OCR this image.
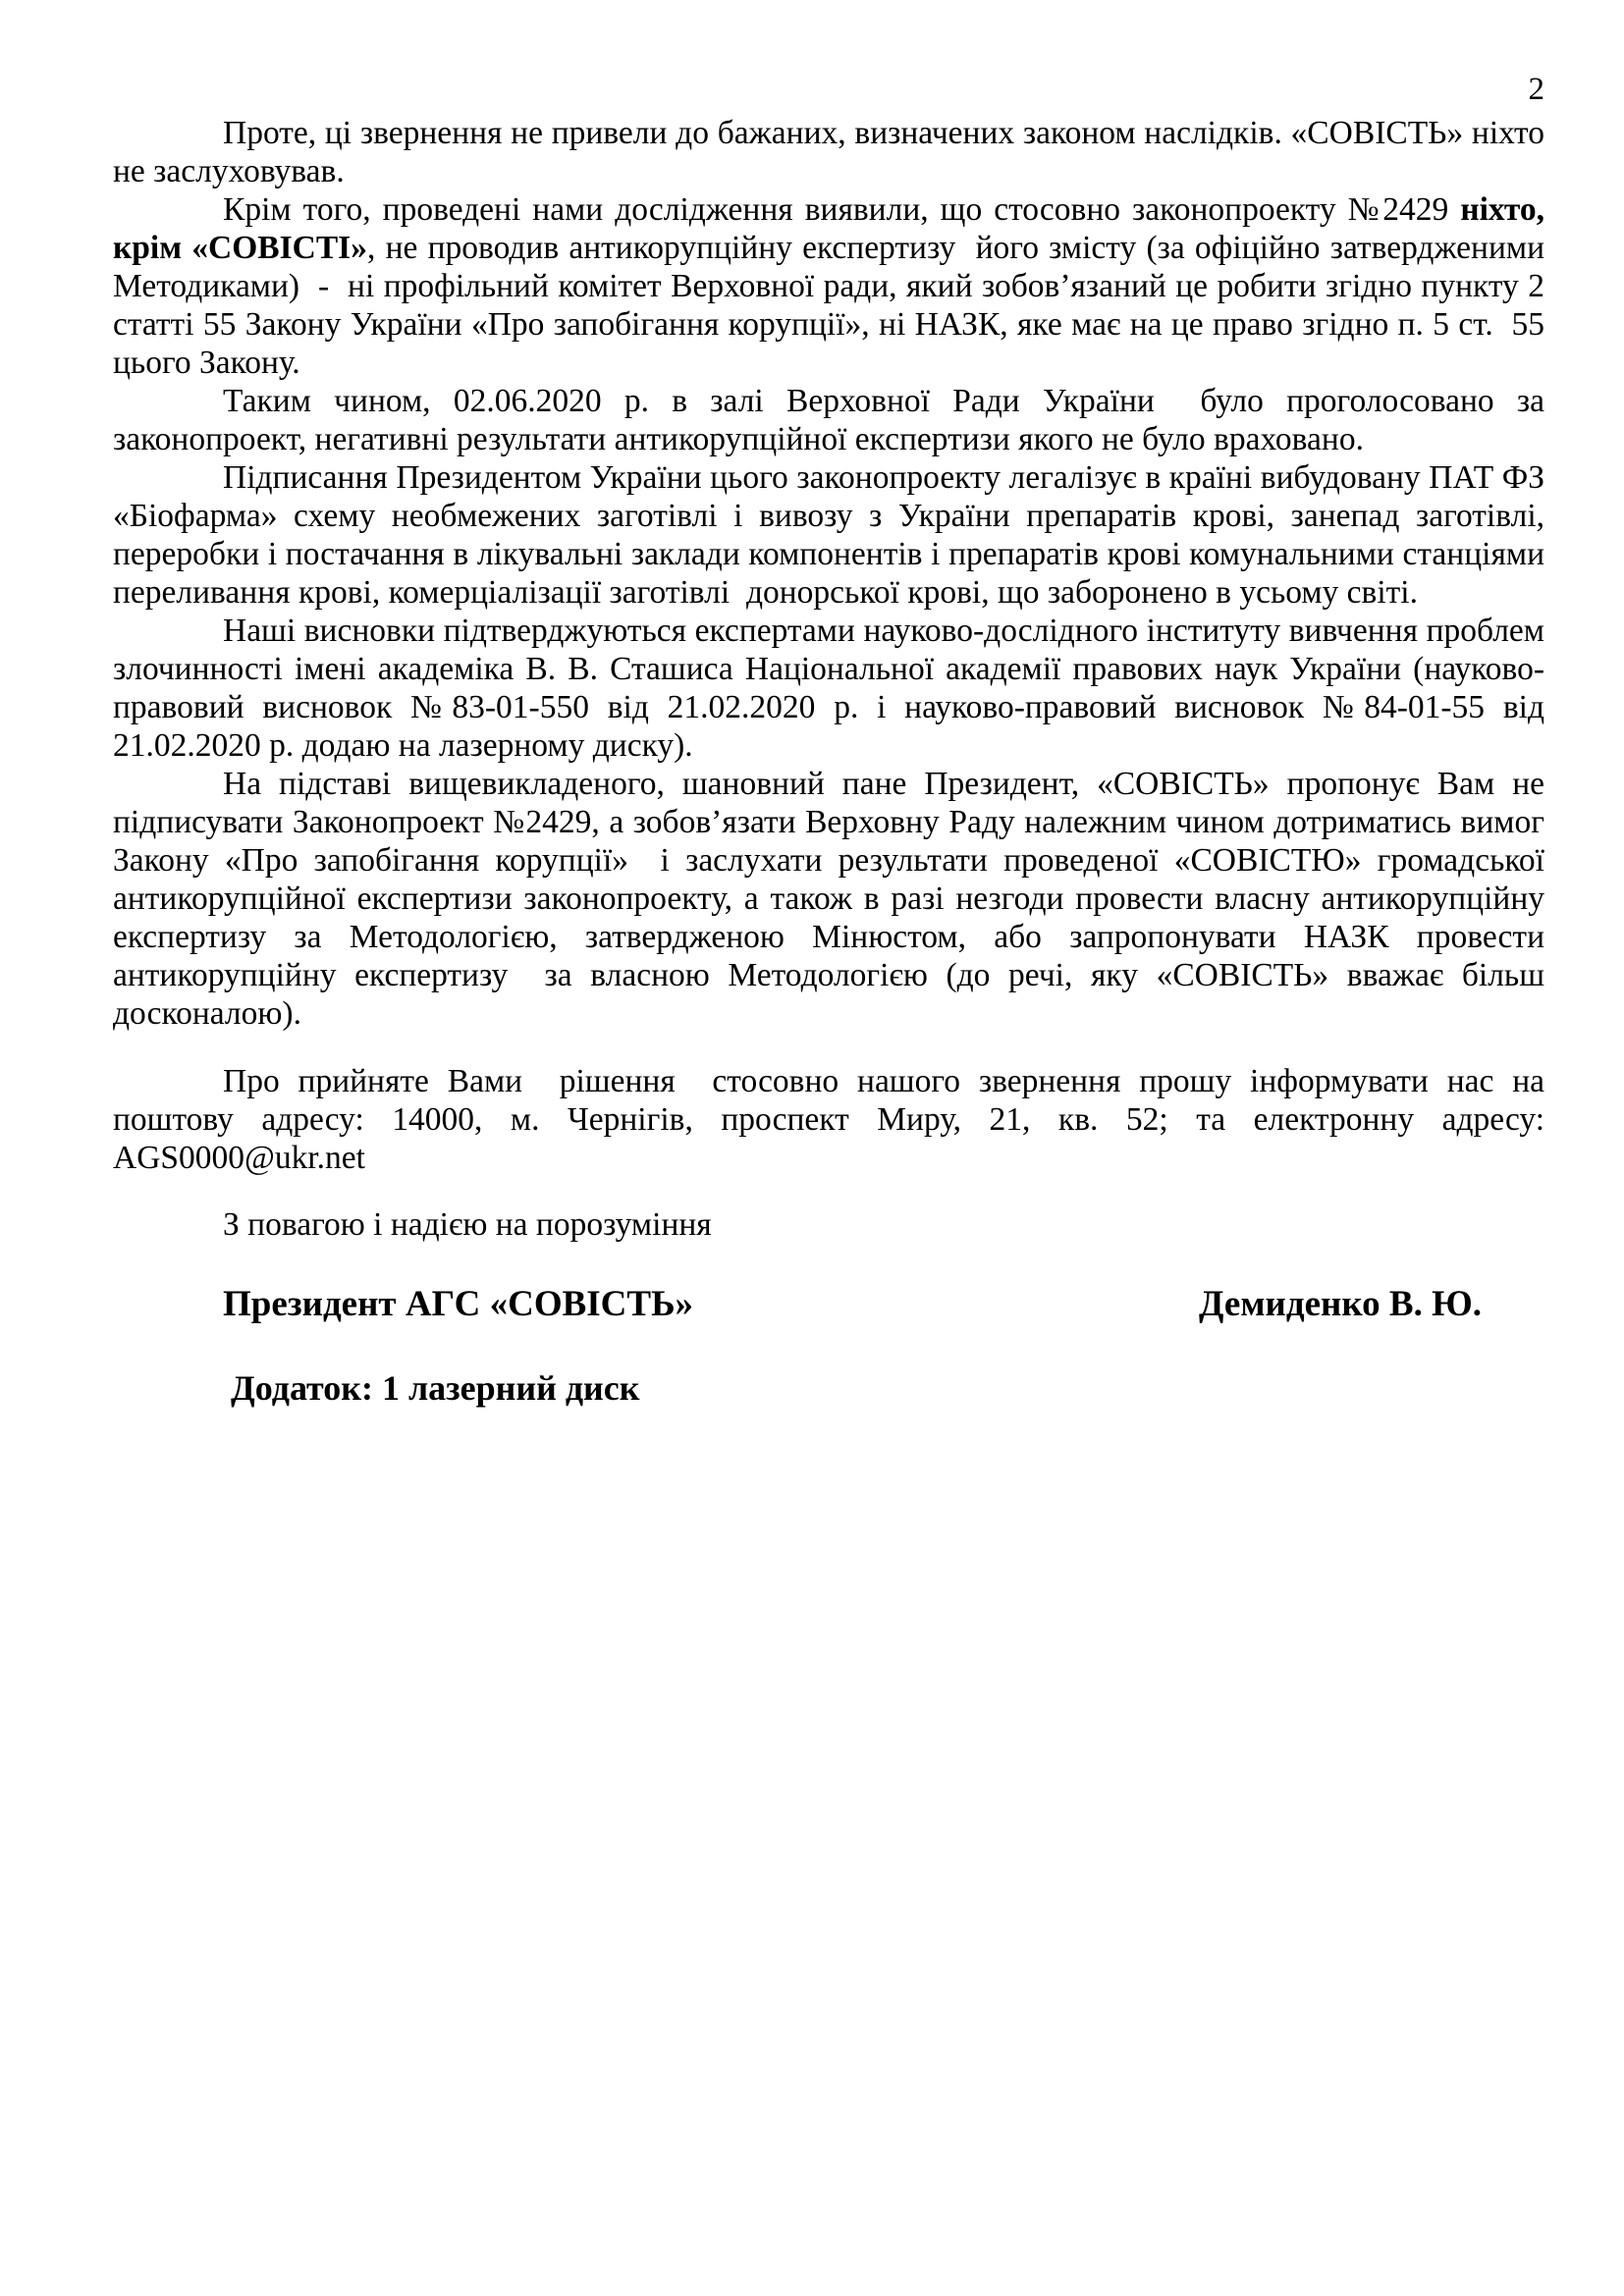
2

Проте, ці звернення не привели до бажаних, визначених законом наслідків. «СОВІСТЬ» ніхто не заслуховував.

Крім того, проведені нами дослідження виявили, що стосовно законопроекту №2429 ніхто, крім «СОВІСТІ», не проводив антикорупційну експертизу  його змісту (за офіційно затвердженими Методиками)  -  ні профільний комітет Верховної ради, який зобов’язаний це робити згідно пункту 2 статті 55 Закону України «Про запобігання корупції», ні НАЗК, яке має на це право згідно п. 5 ст.  55 цього Закону.

Таким чином, 02.06.2020 р. в залі Верховної Ради України  було проголосовано за законопроект, негативні результати антикорупційної експертизи якого не було враховано.

Підписання Президентом України цього законопроекту легалізує в країні вибудовану ПАТ ФЗ «Біофарма» схему необмежених заготівлі і вивозу з України препаратів крові, занепад заготівлі, переробки і постачання в лікувальні заклади компонентів і препаратів крові комунальними станціями переливання крові, комерціалізації заготівлі  донорської крові, що заборонено в усьому світі.

Наші висновки підтверджуються експертами науково-дослідного інституту вивчення проблем злочинності імені академіка В. В. Сташиса Національної академії правових наук України (науково-правовий висновок №83-01-550 від 21.02.2020 р. і науково-правовий висновок №84-01-55 від 21.02.2020 р. додаю на лазерному диску).

На підставі вищевикладеного, шановний пане Президент, «СОВІСТЬ» пропонує Вам не підписувати Законопроект №2429, а зобов’язати Верховну Раду належним чином дотриматись вимог Закону «Про запобігання корупції»  і заслухати результати проведеної «СОВІСТЮ» громадської антикорупційної експертизи законопроекту, а також в разі незгоди провести власну антикорупційну експертизу за Методологією, затвердженою Мінюстом, або запропонувати НАЗК провести антикорупційну експертизу  за власною Методологією (до речі, яку «СОВІСТЬ» вважає більш досконалою).

Про прийняте Вами  рішення  стосовно нашого звернення прошу інформувати нас на поштову адресу: 14000, м. Чернігів, проспект Миру, 21, кв. 52; та електронну адресу: AGS0000@ukr.net

З повагою і надією на порозуміння

Президент АГС «СОВІСТЬ»	Демиденко В. Ю.

Додаток: 1 лазерний диск
